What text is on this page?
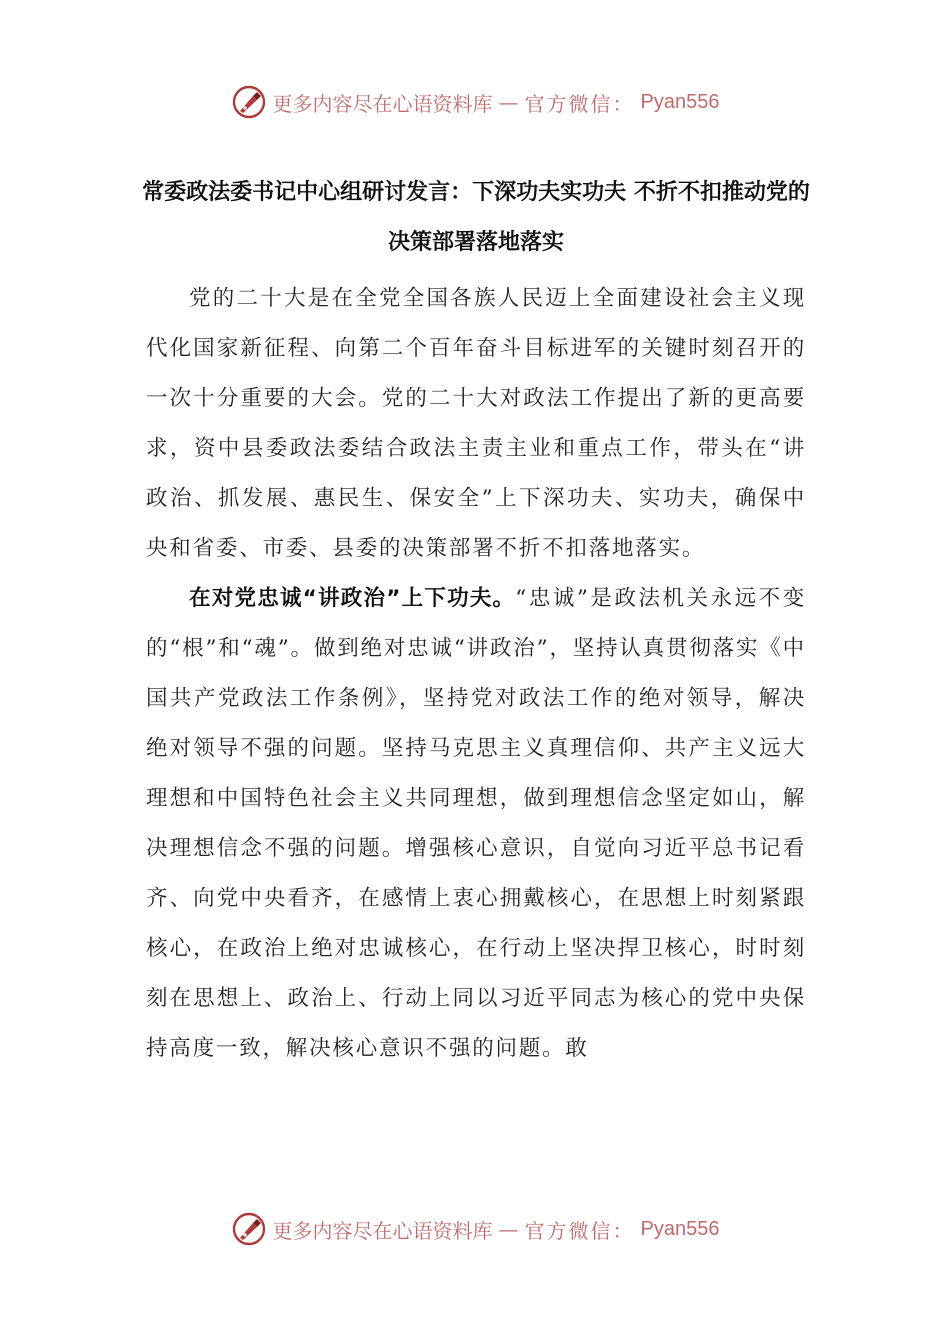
更多内容尽在心语资料库 — 官方微信： Pyan556
常委政法委书记中心组研讨发言：下深功夫实功夫 不折不扣推动党的决策部署落地落实

党的二十大是在全党全国各族人民迈上全面建设社会主义现代化国家新征程、向第二个百年奋斗目标进军的关键时刻召开的一次十分重要的大会。党的二十大对政法工作提出了新的更高要求，资中县委政法委结合政法主责主业和重点工作，带头在“讲政治、抓发展、惠民生、保安全”上下深功夫、实功夫，确保中央和省委、市委、县委的决策部署不折不扣落地落实。

在对党忠诚“讲政治”上下功夫。“忠诚”是政法机关永远不变的“根”和“魂”。做到绝对忠诚“讲政治”，坚持认真贯彻落实《中国共产党政法工作条例》，坚持党对政法工作的绝对领导，解决绝对领导不强的问题。坚持马克思主义真理信仰、共产主义远大理想和中国特色社会主义共同理想，做到理想信念坚定如山，解决理想信念不强的问题。增强核心意识，自觉向习近平总书记看齐、向党中央看齐，在感情上衷心拥戴核心，在思想上时刻紧跟核心，在政治上绝对忠诚核心，在行动上坚决捍卫核心，时时刻刻在思想上、政治上、行动上同以习近平同志为核心的党中央保持高度一致，解决核心意识不强的问题。敢

更多内容尽在心语资料库 — 官方微信： Pyan556
